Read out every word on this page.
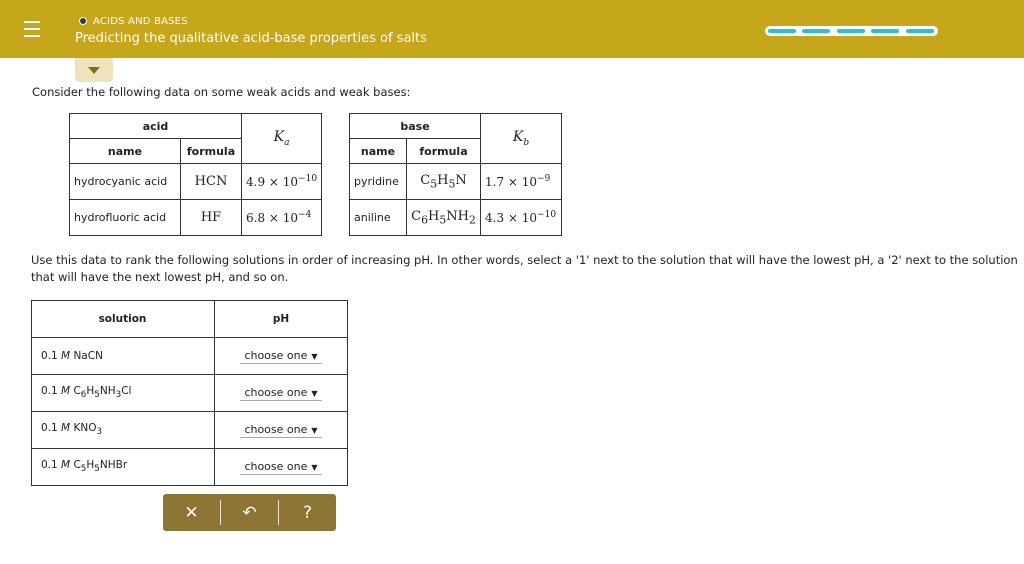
ACIDS AND BASES
Predicting the qualitative acid-base properties of salts
Consider the following data on some weak acids and weak bases:
acid		$K_a$
name	formula	
hydrocyanic acid	HCN	$4.9 \times 10^{-10}$
hydrofluoric acid	HF	$6.8 \times 10^{-4}$
base		$K_b$
name	formula	
pyridine	$C_5H_5N$	$1.7 \times 10^{-9}$
aniline	$C_6H_5NH_2$	$4.3 \times 10^{-10}$
Use this data to rank the following solutions in order of increasing pH. In other words, select a '1' next to the solution that will have the lowest pH, a '2' next to the solution that will have the next lowest pH, and so on.
solution	pH
0.1 M NaCN	choose one ▼
0.1 M $C_6H_5NH_3Cl$	choose one ▼
0.1 M $KNO_3$	choose one ▼
0.1 M $C_5H_5NHBr$	choose one ▼
✕	↶	?
